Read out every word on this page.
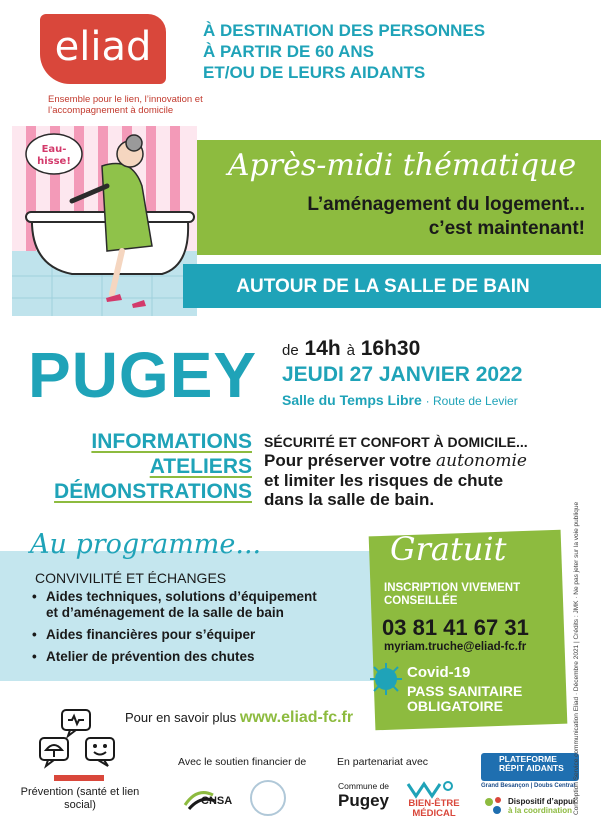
eliad
Ensemble pour le lien, l’innovation et l’accompagnement à domicile
À DESTINATION DES PERSONNES
À PARTIR DE 60 ANS
ET/OU DE LEURS AIDANTS
Eau-
hisse!	Après-midi thématique
L’aménagement du logement...
c’est maintenant!
AUTOUR DE LA SALLE DE BAIN
PUGEY de 14h à 16h30
JEUDI 27 JANVIER 2022
Salle du Temps Libre · Route de Levier
INFORMATIONS
ATELIERS
DÉMONSTRATIONS
SÉCURITÉ ET CONFORT À DOMICILE...
Pour préserver votre autonomie
et limiter les risques de chute
dans la salle de bain.
Au programme...
CONVIVILITÉ ET ÉCHANGES
• Aides techniques, solutions d’équipement et d’aménagement de la salle de bain
• Aides financières pour s’équiper
• Atelier de prévention des chutes
Gratuit
INSCRIPTION VIVEMENT CONSEILLÉE
03 81 41 67 31
myriam.truche@eliad-fc.fr
Covid-19
PASS SANITAIRE OBLIGATOIRE
Pour en savoir plus www.eliad-fc.fr
Prévention (santé et lien social)
Avec le soutien financier de	En partenariat avec
CNSA
Commune de
Pugey	BIEN-ÊTRE MÉDICAL
PLATEFORME RÉPIT AIDANTS
Grand Besançon | Doubs Central
Dispositif d’appui
à la coordination Conception Service communication Eliad · Décembre 2021 | Crédits : JMK · Ne pas jeter sur la voie publique
